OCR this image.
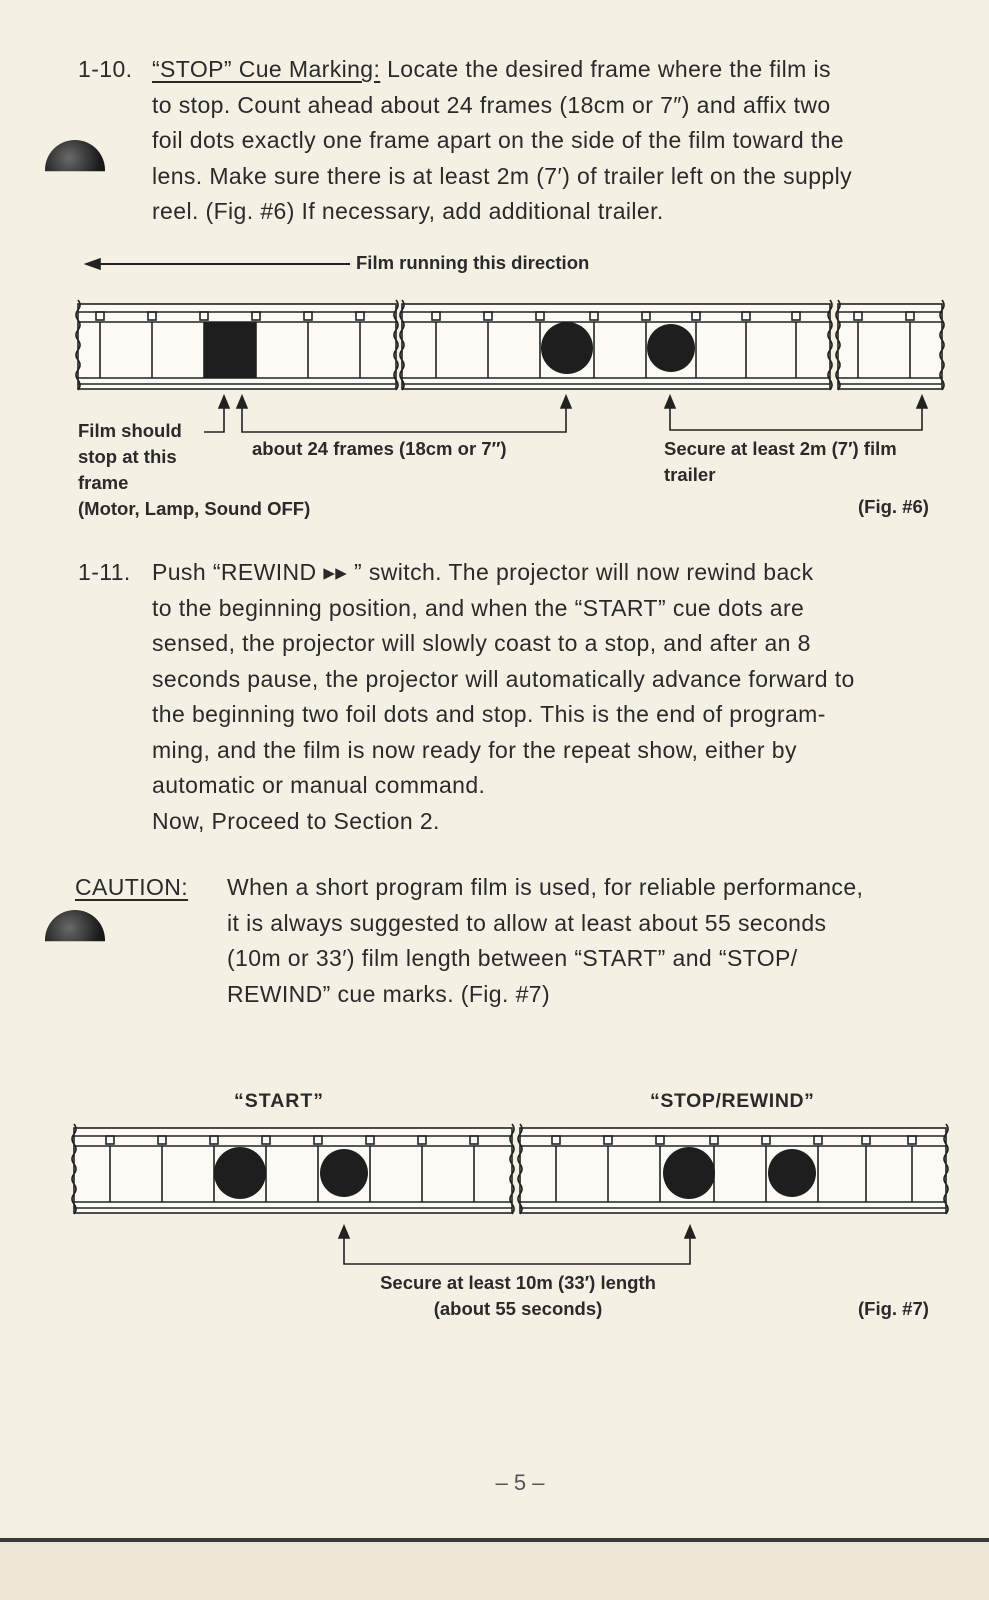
1-10. “STOP” Cue Marking: Locate the desired frame where the film is
to stop. Count ahead about 24 frames (18cm or 7″) and affix two
foil dots exactly one frame apart on the side of the film toward the
lens. Make sure there is at least 2m (7′) of trailer left on the supply
reel. (Fig. #6) If necessary, add additional trailer.
Film running this direction
Film should
stop at this
frame
(Motor, Lamp, Sound OFF)
about 24 frames (18cm or 7″)	Secure at least 2m (7′) film
trailer
(Fig. #6)
1-11. Push “REWIND ▸▸ ” switch. The projector will now rewind back
to the beginning position, and when the “START” cue dots are
sensed, the projector will slowly coast to a stop, and after an 8
seconds pause, the projector will automatically advance forward to
the beginning two foil dots and stop. This is the end of program-
ming, and the film is now ready for the repeat show, either by
automatic or manual command.
Now, Proceed to Section 2.
CAUTION: When a short program film is used, for reliable performance,
it is always suggested to allow at least about 55 seconds
(10m or 33′) film length between “START” and “STOP/
REWIND” cue marks. (Fig. #7)
“START”	“STOP/REWIND”
Secure at least 10m (33′) length
(about 55 seconds)	(Fig. #7)
– 5 –
